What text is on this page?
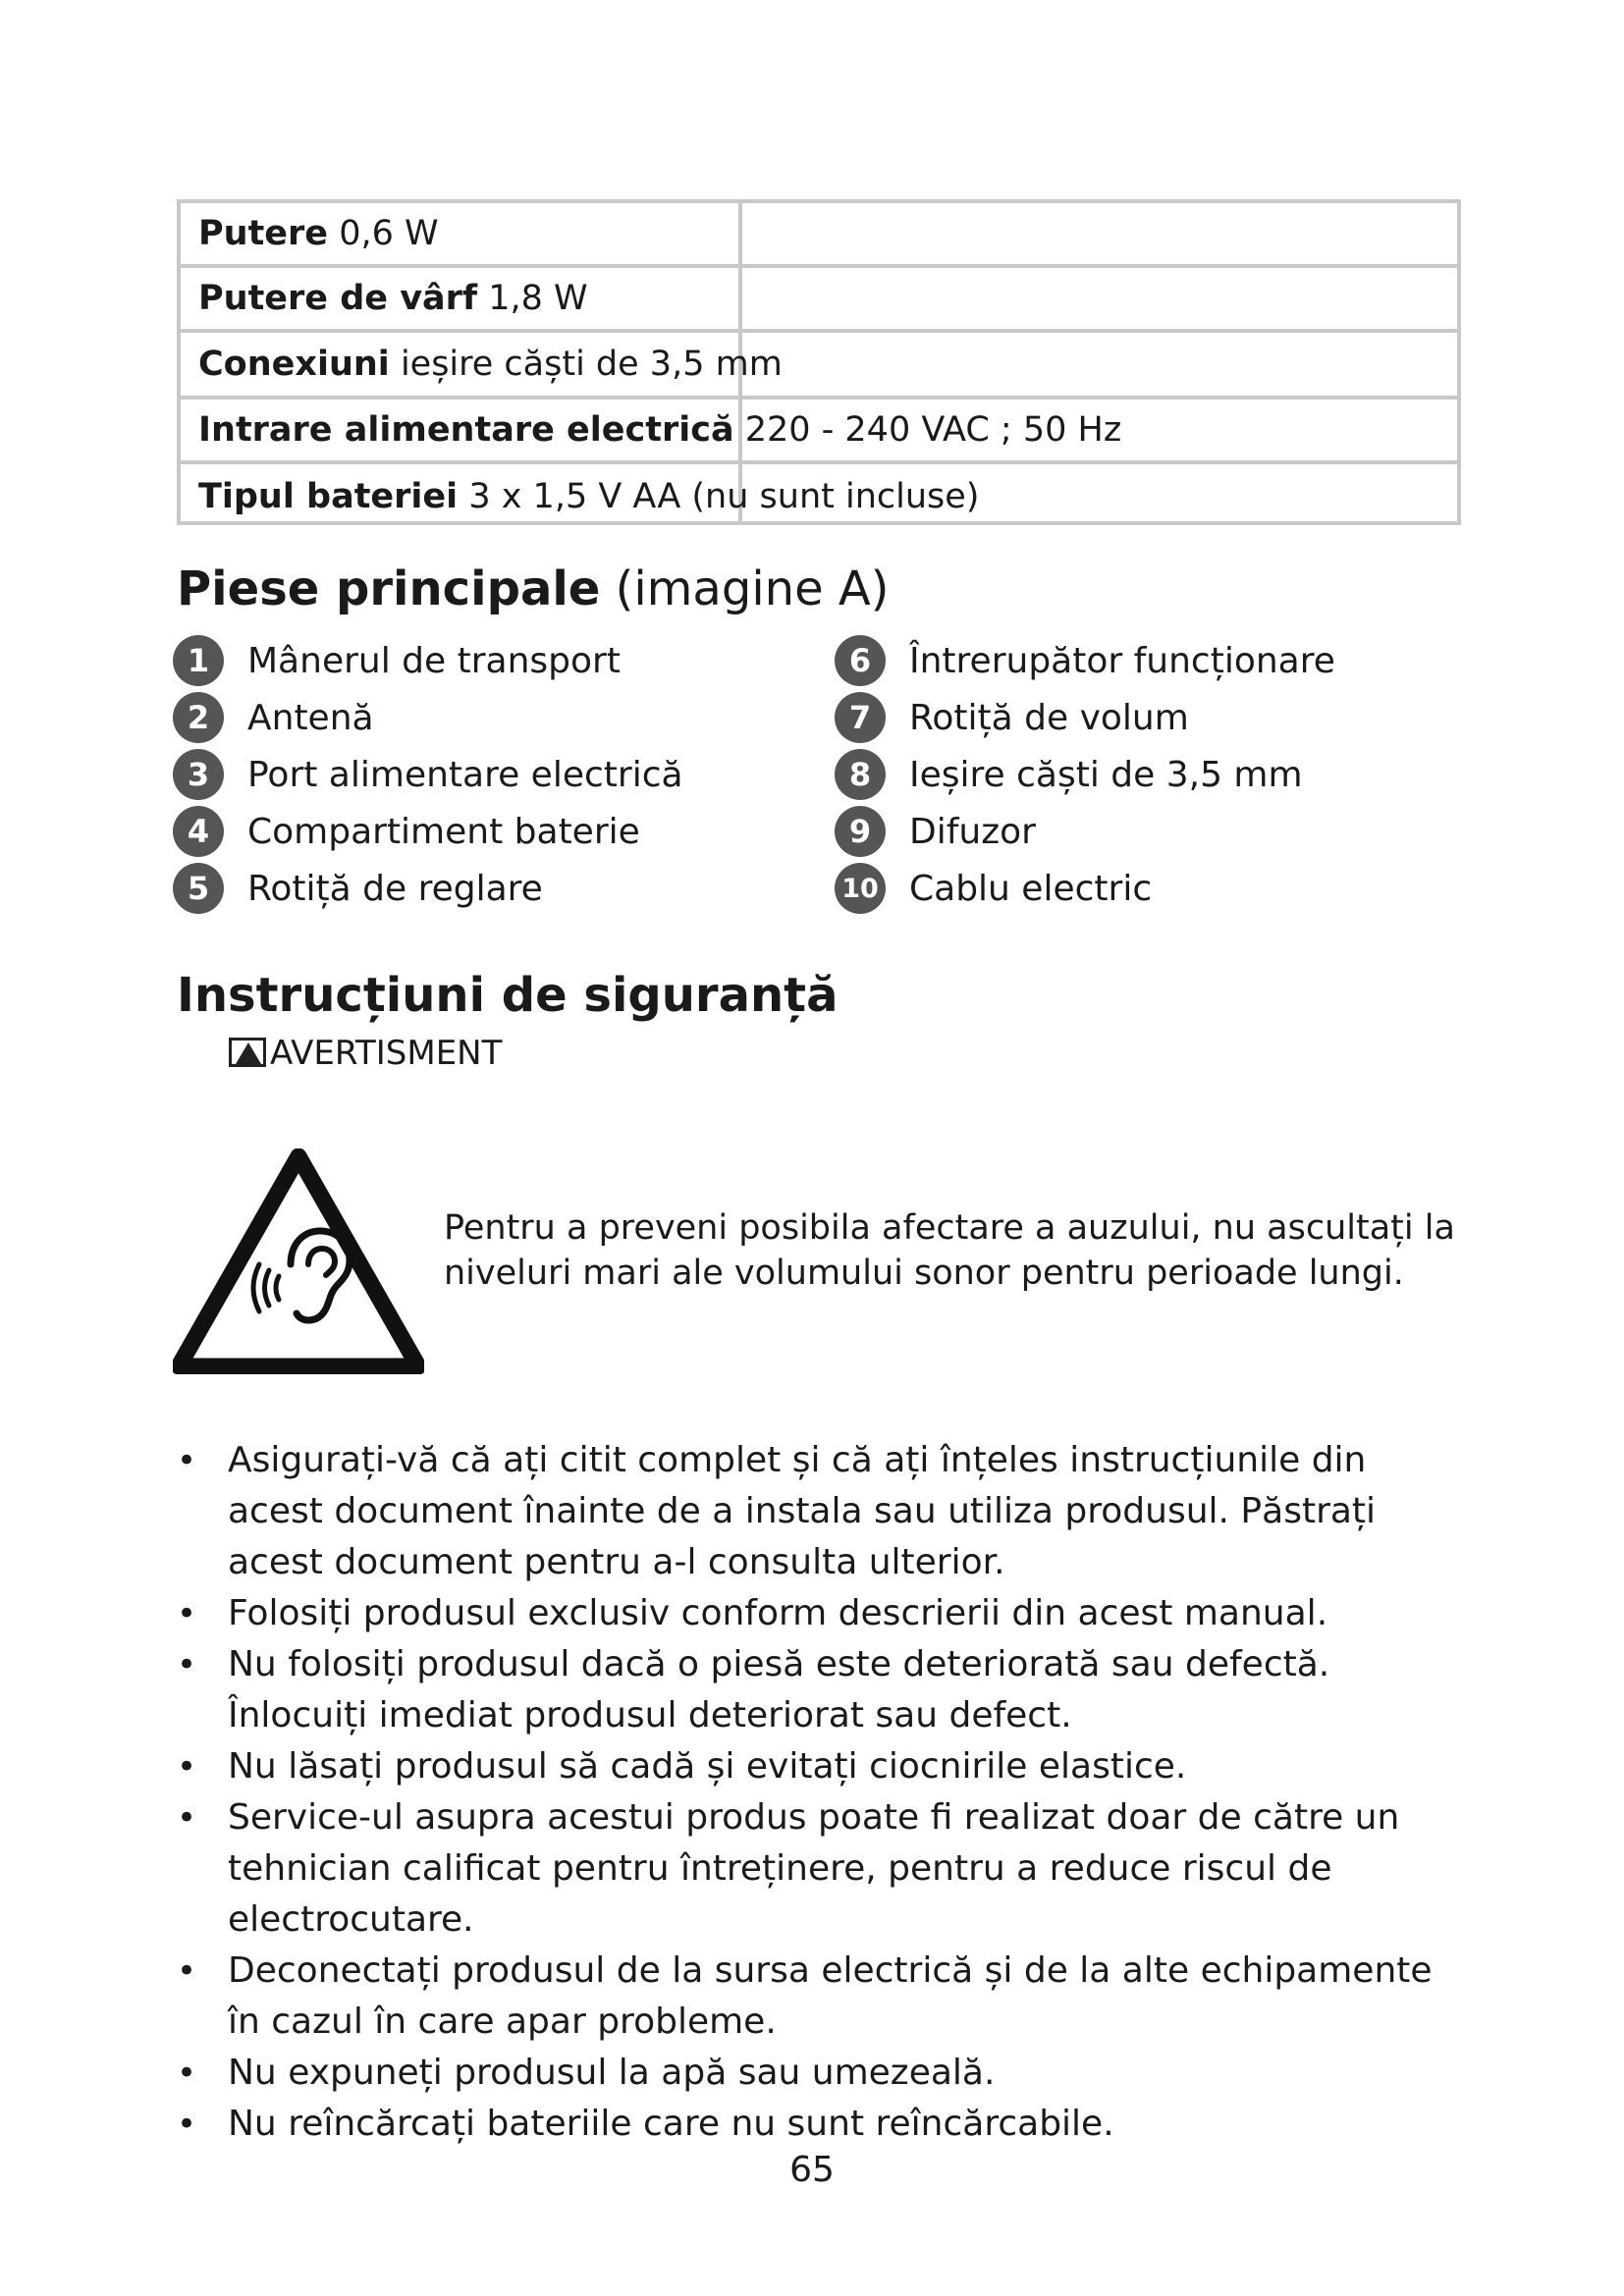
Putere 0,6 W
Putere de vârf 1,8 W
Conexiuni ieșire căști de 3,5 mm
Intrare alimentare electrică 220 - 240 VAC ; 50 Hz
Tipul bateriei 3 x 1,5 V AA (nu sunt incluse)
Piese principale (imagine A)
1	Mânerul de transport
2	Antenă
3	Port alimentare electrică
4	Compartiment baterie
5	Rotiță de reglare
6	Întrerupător funcționare
7	Rotiță de volum
8	Ieșire căști de 3,5 mm
9	Difuzor
10 Cablu electric
Instrucțiuni de siguranță
AVERTISMENT
Pentru a preveni posibila afectare a auzului, nu ascultați la niveluri mari ale volumului sonor pentru perioade lungi.
• Asigurați-vă că ați citit complet și că ați înțeles instrucțiunile din acest document înainte de a instala sau utiliza produsul. Păstrați acest document pentru a-l consulta ulterior.
• Folosiți produsul exclusiv conform descrierii din acest manual.
• Nu folosiți produsul dacă o piesă este deteriorată sau defectă. Înlocuiți imediat produsul deteriorat sau defect.
• Nu lăsați produsul să cadă și evitați ciocnirile elastice.
• Service-ul asupra acestui produs poate fi realizat doar de către un tehnician calificat pentru întreținere, pentru a reduce riscul de electrocutare.
• Deconectați produsul de la sursa electrică și de la alte echipamente în cazul în care apar probleme.
• Nu expuneți produsul la apă sau umezeală.
• Nu reîncărcați bateriile care nu sunt reîncărcabile.
65
